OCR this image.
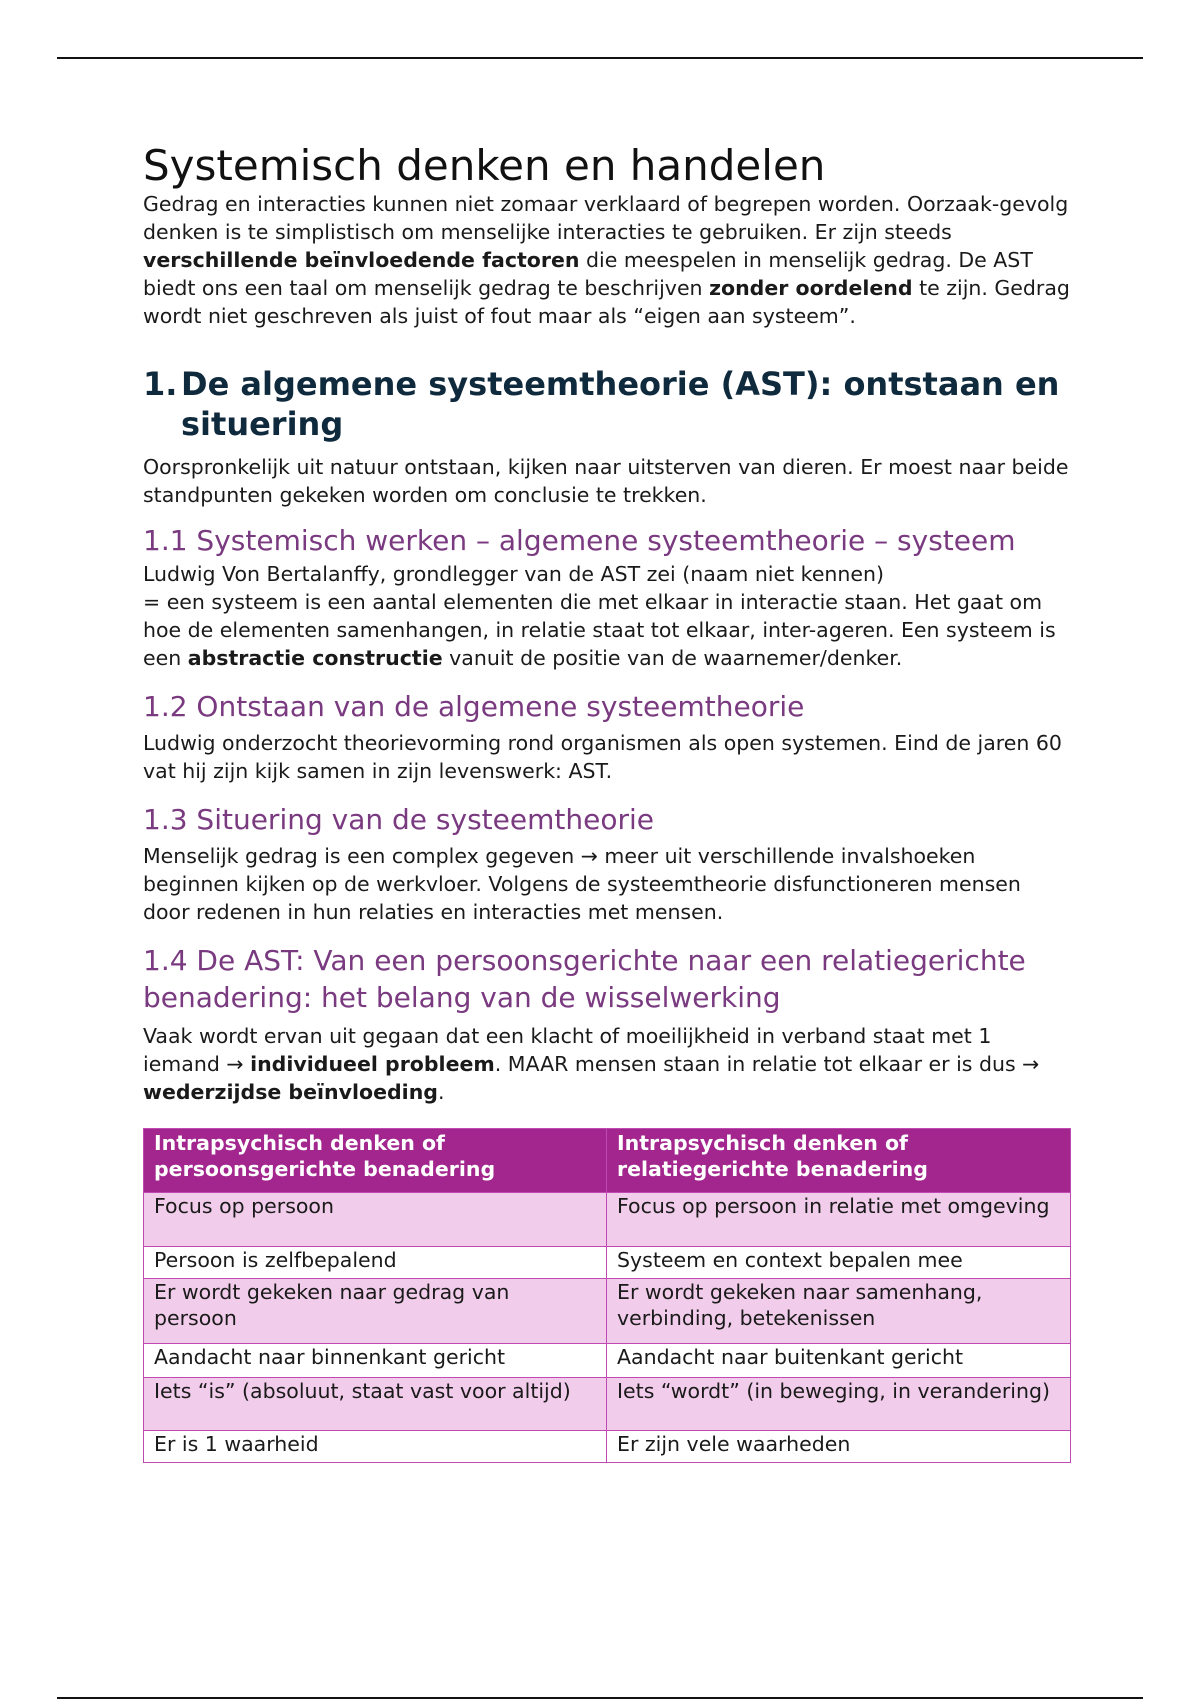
Systemisch denken en handelen

Gedrag en interacties kunnen niet zomaar verklaard of begrepen worden. Oorzaak-gevolg denken is te simplistisch om menselijke interacties te gebruiken. Er zijn steeds verschillende beïnvloedende factoren die meespelen in menselijk gedrag. De AST biedt ons een taal om menselijk gedrag te beschrijven zonder oordelend te zijn. Gedrag wordt niet geschreven als juist of fout maar als “eigen aan systeem”.

1. De algemene systeemtheorie (AST): ontstaan en situering

Oorspronkelijk uit natuur ontstaan, kijken naar uitsterven van dieren. Er moest naar beide standpunten gekeken worden om conclusie te trekken.

1.1 Systemisch werken – algemene systeemtheorie – systeem

Ludwig Von Bertalanffy, grondlegger van de AST zei (naam niet kennen)

= een systeem is een aantal elementen die met elkaar in interactie staan. Het gaat om hoe de elementen samenhangen, in relatie staat tot elkaar, inter-ageren. Een systeem is een abstractie constructie vanuit de positie van de waarnemer/denker.

1.2 Ontstaan van de algemene systeemtheorie

Ludwig onderzocht theorievorming rond organismen als open systemen. Eind de jaren 60 vat hij zijn kijk samen in zijn levenswerk: AST.

1.3 Situering van de systeemtheorie

Menselijk gedrag is een complex gegeven → meer uit verschillende invalshoeken beginnen kijken op de werkvloer. Volgens de systeemtheorie disfunctioneren mensen door redenen in hun relaties en interacties met mensen.

1.4 De AST: Van een persoonsgerichte naar een relatiegerichte benadering: het belang van de wisselwerking

Vaak wordt ervan uit gegaan dat een klacht of moeilijkheid in verband staat met 1 iemand → individueel probleem. MAAR mensen staan in relatie tot elkaar er is dus → wederzijdse beïnvloeding.

Intrapsychisch denken of persoonsgerichte benadering	Intrapsychisch denken of relatiegerichte benadering
Focus op persoon	Focus op persoon in relatie met omgeving
Persoon is zelfbepalend	Systeem en context bepalen mee
Er wordt gekeken naar gedrag van persoon	Er wordt gekeken naar samenhang, verbinding, betekenissen
Aandacht naar binnenkant gericht	Aandacht naar buitenkant gericht
Iets “is” (absoluut, staat vast voor altijd)	Iets “wordt” (in beweging, in verandering)
Er is 1 waarheid	Er zijn vele waarheden
